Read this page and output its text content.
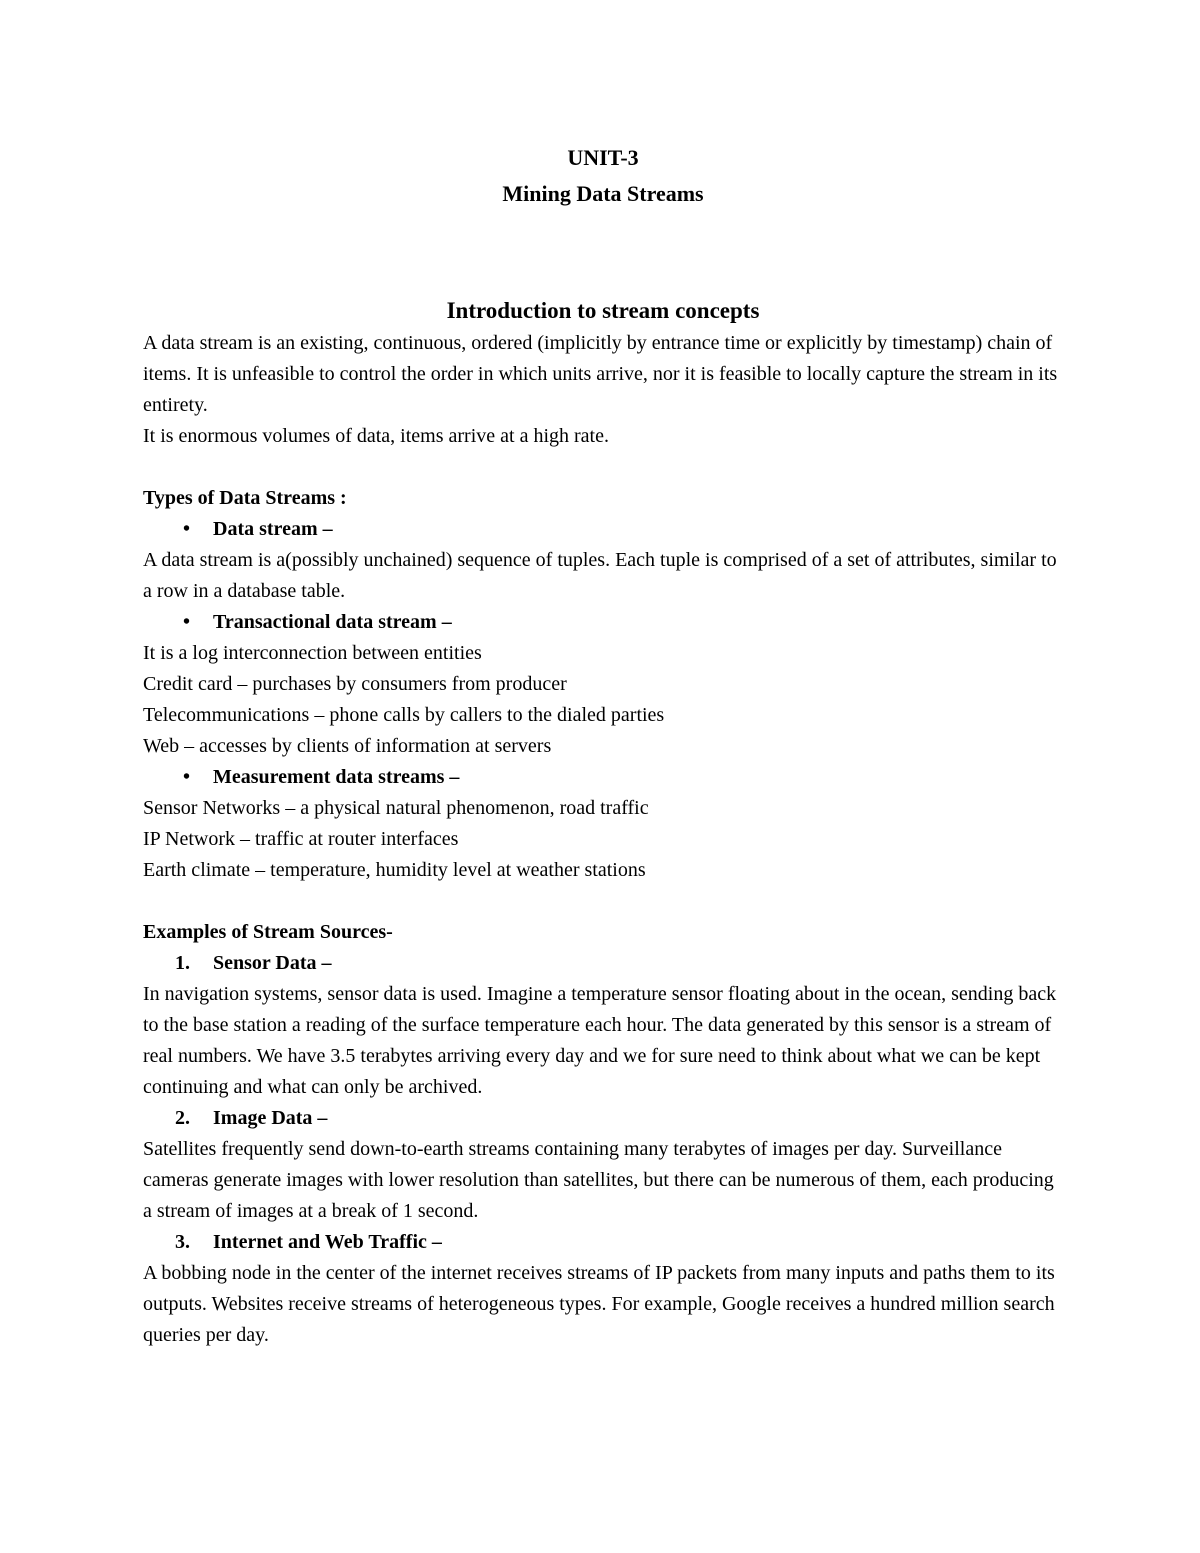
UNIT-3
Mining Data Streams
Introduction to stream concepts

A data stream is an existing, continuous, ordered (implicitly by entrance time or explicitly by timestamp) chain of items. It is unfeasible to control the order in which units arrive, nor it is feasible to locally capture the stream in its entirety.

It is enormous volumes of data, items arrive at a high rate.

Types of Data Streams :

• Data stream –

A data stream is a(possibly unchained) sequence of tuples. Each tuple is comprised of a set of attributes, similar to a row in a database table.

• Transactional data stream –

It is a log interconnection between entities

Credit card – purchases by consumers from producer

Telecommunications – phone calls by callers to the dialed parties

Web – accesses by clients of information at servers

• Measurement data streams –

Sensor Networks – a physical natural phenomenon, road traffic

IP Network – traffic at router interfaces

Earth climate – temperature, humidity level at weather stations

Examples of Stream Sources-

1. Sensor Data –

In navigation systems, sensor data is used. Imagine a temperature sensor floating about in the ocean, sending back to the base station a reading of the surface temperature each hour. The data generated by this sensor is a stream of real numbers. We have 3.5 terabytes arriving every day and we for sure need to think about what we can be kept continuing and what can only be archived.

2. Image Data –

Satellites frequently send down-to-earth streams containing many terabytes of images per day. Surveillance cameras generate images with lower resolution than satellites, but there can be numerous of them, each producing a stream of images at a break of 1 second.

3. Internet and Web Traffic –

A bobbing node in the center of the internet receives streams of IP packets from many inputs and paths them to its outputs. Websites receive streams of heterogeneous types. For example, Google receives a hundred million search queries per day.
